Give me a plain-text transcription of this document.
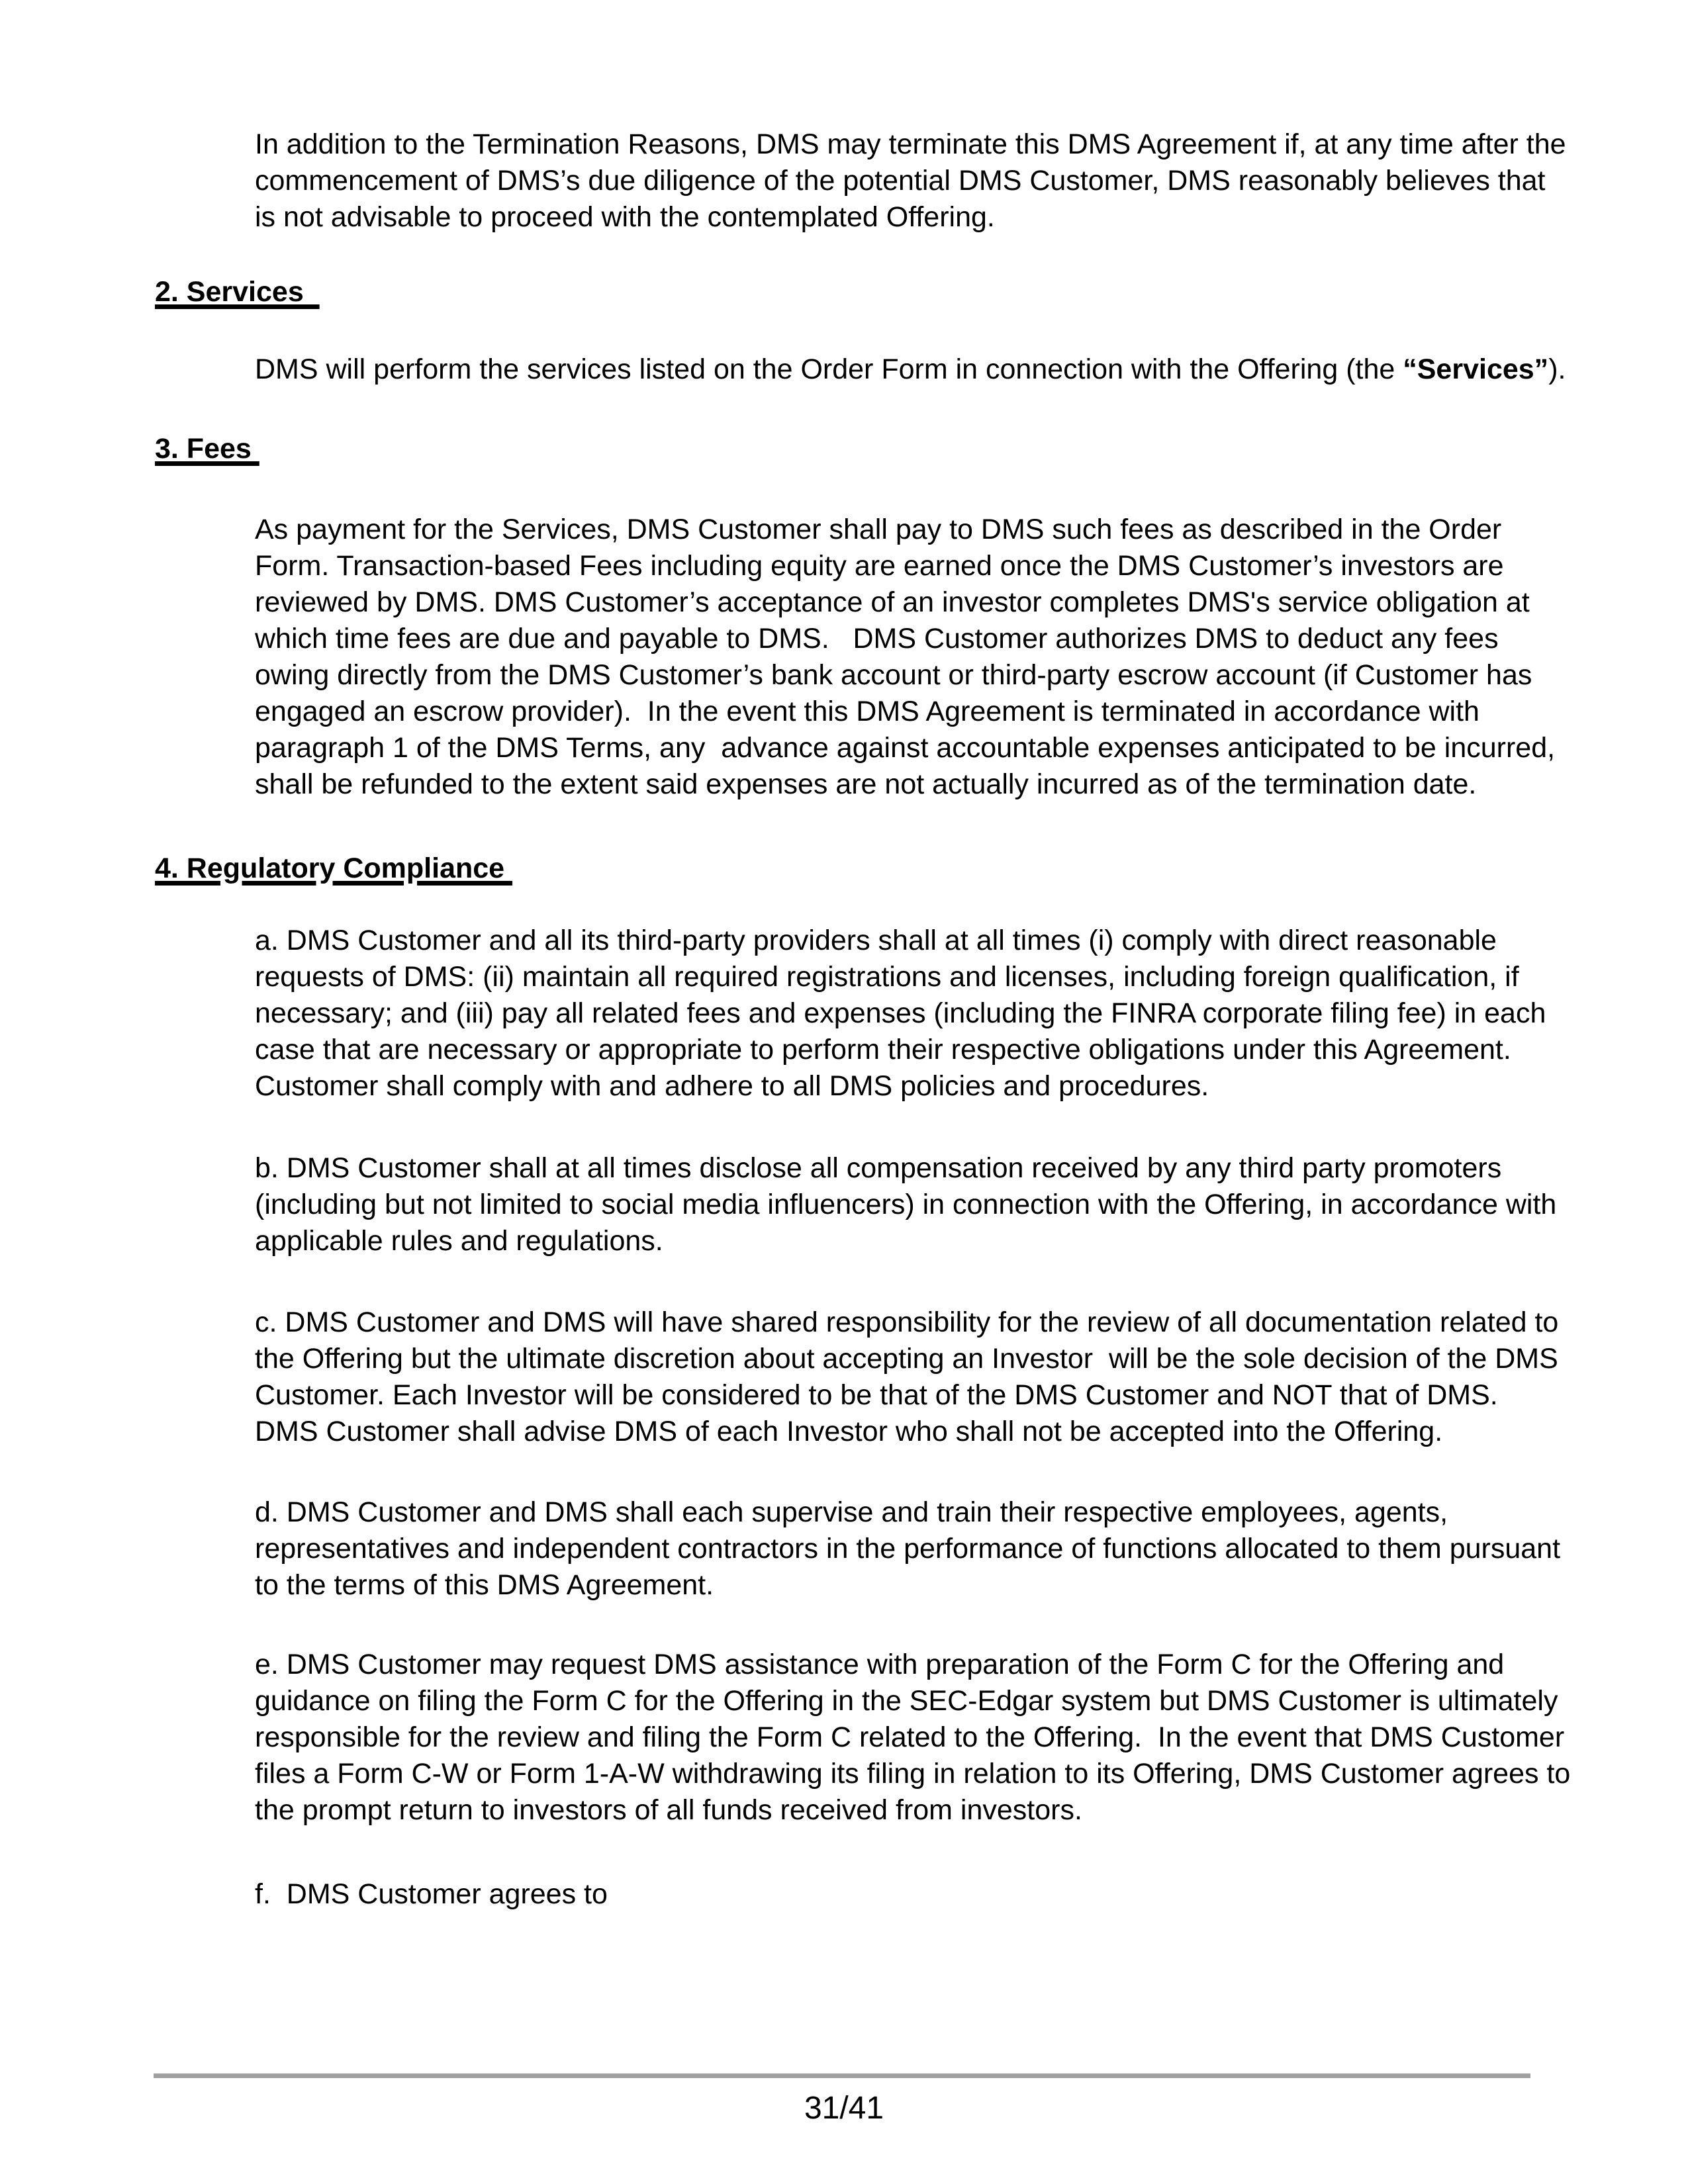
In addition to the Termination Reasons, DMS may terminate this DMS Agreement if, at any time after the
commencement of DMS’s due diligence of the potential DMS Customer, DMS reasonably believes that
is not advisable to proceed with the contemplated Offering.
2. Services
DMS will perform the services listed on the Order Form in connection with the Offering (the “Services”).
3. Fees
As payment for the Services, DMS Customer shall pay to DMS such fees as described in the Order
Form. Transaction-based Fees including equity are earned once the DMS Customer’s investors are
reviewed by DMS. DMS Customer’s acceptance of an investor completes DMS's service obligation at
which time fees are due and payable to DMS.   DMS Customer authorizes DMS to deduct any fees
owing directly from the DMS Customer’s bank account or third-party escrow account (if Customer has
engaged an escrow provider).  In the event this DMS Agreement is terminated in accordance with
paragraph 1 of the DMS Terms, any  advance against accountable expenses anticipated to be incurred,
shall be refunded to the extent said expenses are not actually incurred as of the termination date.
4. Regulatory Compliance
a. DMS Customer and all its third-party providers shall at all times (i) comply with direct reasonable
requests of DMS: (ii) maintain all required registrations and licenses, including foreign qualification, if
necessary; and (iii) pay all related fees and expenses (including the FINRA corporate filing fee) in each
case that are necessary or appropriate to perform their respective obligations under this Agreement.
Customer shall comply with and adhere to all DMS policies and procedures.
b. DMS Customer shall at all times disclose all compensation received by any third party promoters
(including but not limited to social media influencers) in connection with the Offering, in accordance with
applicable rules and regulations.
c. DMS Customer and DMS will have shared responsibility for the review of all documentation related to
the Offering but the ultimate discretion about accepting an Investor  will be the sole decision of the DMS
Customer. Each Investor will be considered to be that of the DMS Customer and NOT that of DMS.
DMS Customer shall advise DMS of each Investor who shall not be accepted into the Offering.
d. DMS Customer and DMS shall each supervise and train their respective employees, agents,
representatives and independent contractors in the performance of functions allocated to them pursuant
to the terms of this DMS Agreement.
e. DMS Customer may request DMS assistance with preparation of the Form C for the Offering and
guidance on filing the Form C for the Offering in the SEC-Edgar system but DMS Customer is ultimately
responsible for the review and filing the Form C related to the Offering.  In the event that DMS Customer
files a Form C-W or Form 1-A-W withdrawing its filing in relation to its Offering, DMS Customer agrees to
the prompt return to investors of all funds received from investors.
f.  DMS Customer agrees to
31/41
